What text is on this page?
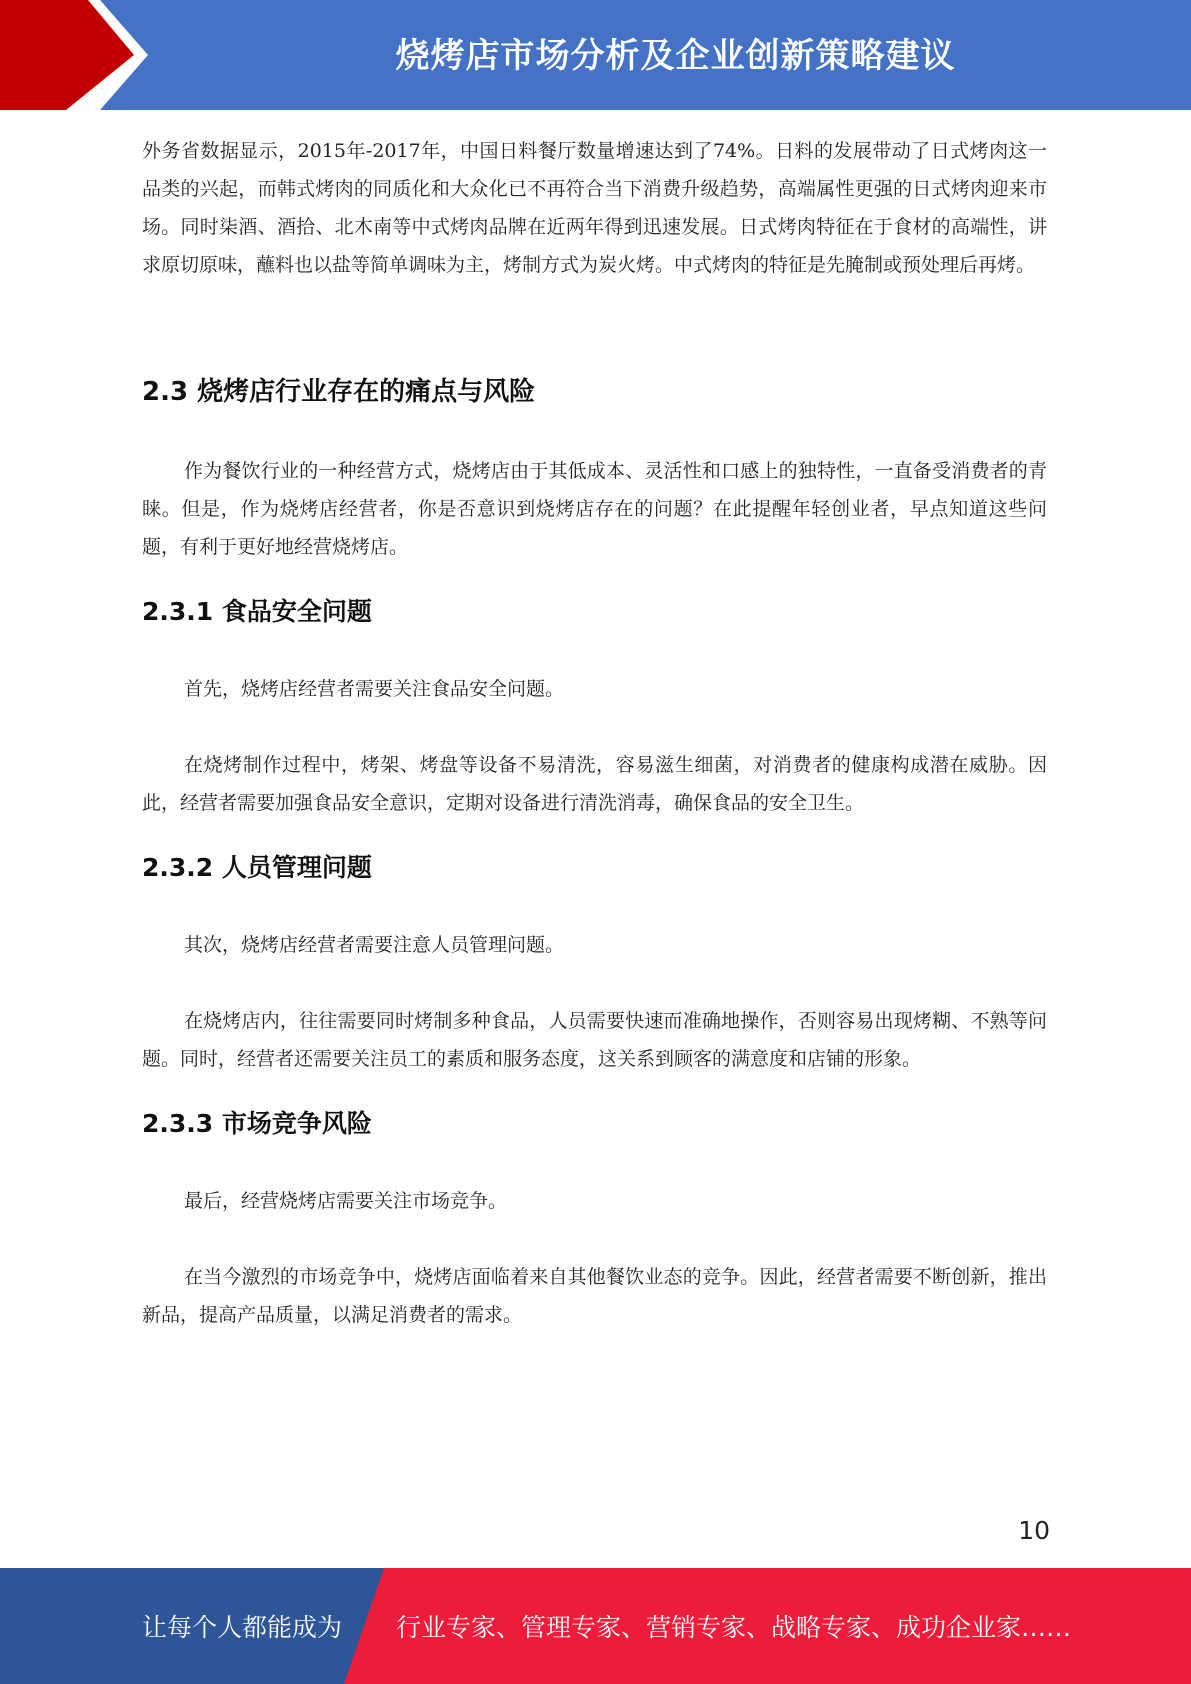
烧烤店市场分析及企业创新策略建议

外务省数据显示，2015年-2017年，中国日料餐厅数量增速达到了74%。日料的发展带动了日式烤肉这一品类的兴起，而韩式烤肉的同质化和大众化已不再符合当下消费升级趋势，高端属性更强的日式烤肉迎来市场。同时柒酒、酒拾、北木南等中式烤肉品牌在近两年得到迅速发展。日式烤肉特征在于食材的高端性，讲求原切原味，蘸料也以盐等简单调味为主，烤制方式为炭火烤。中式烤肉的特征是先腌制或预处理后再烤。

2.3 烧烤店行业存在的痛点与风险

作为餐饮行业的一种经营方式，烧烤店由于其低成本、灵活性和口感上的独特性，一直备受消费者的青睐。但是，作为烧烤店经营者，你是否意识到烧烤店存在的问题？在此提醒年轻创业者，早点知道这些问题，有利于更好地经营烧烤店。

2.3.1 食品安全问题

首先，烧烤店经营者需要关注食品安全问题。

在烧烤制作过程中，烤架、烤盘等设备不易清洗，容易滋生细菌，对消费者的健康构成潜在威胁。因此，经营者需要加强食品安全意识，定期对设备进行清洗消毒，确保食品的安全卫生。

2.3.2 人员管理问题

其次，烧烤店经营者需要注意人员管理问题。

在烧烤店内，往往需要同时烤制多种食品，人员需要快速而准确地操作，否则容易出现烤糊、不熟等问题。同时，经营者还需要关注员工的素质和服务态度，这关系到顾客的满意度和店铺的形象。

2.3.3 市场竞争风险

最后，经营烧烤店需要关注市场竞争。

在当今激烈的市场竞争中，烧烤店面临着来自其他餐饮业态的竞争。因此，经营者需要不断创新，推出新品，提高产品质量，以满足消费者的需求。

10
让每个人都能成为 行业专家、管理专家、营销专家、战略专家、成功企业家……
